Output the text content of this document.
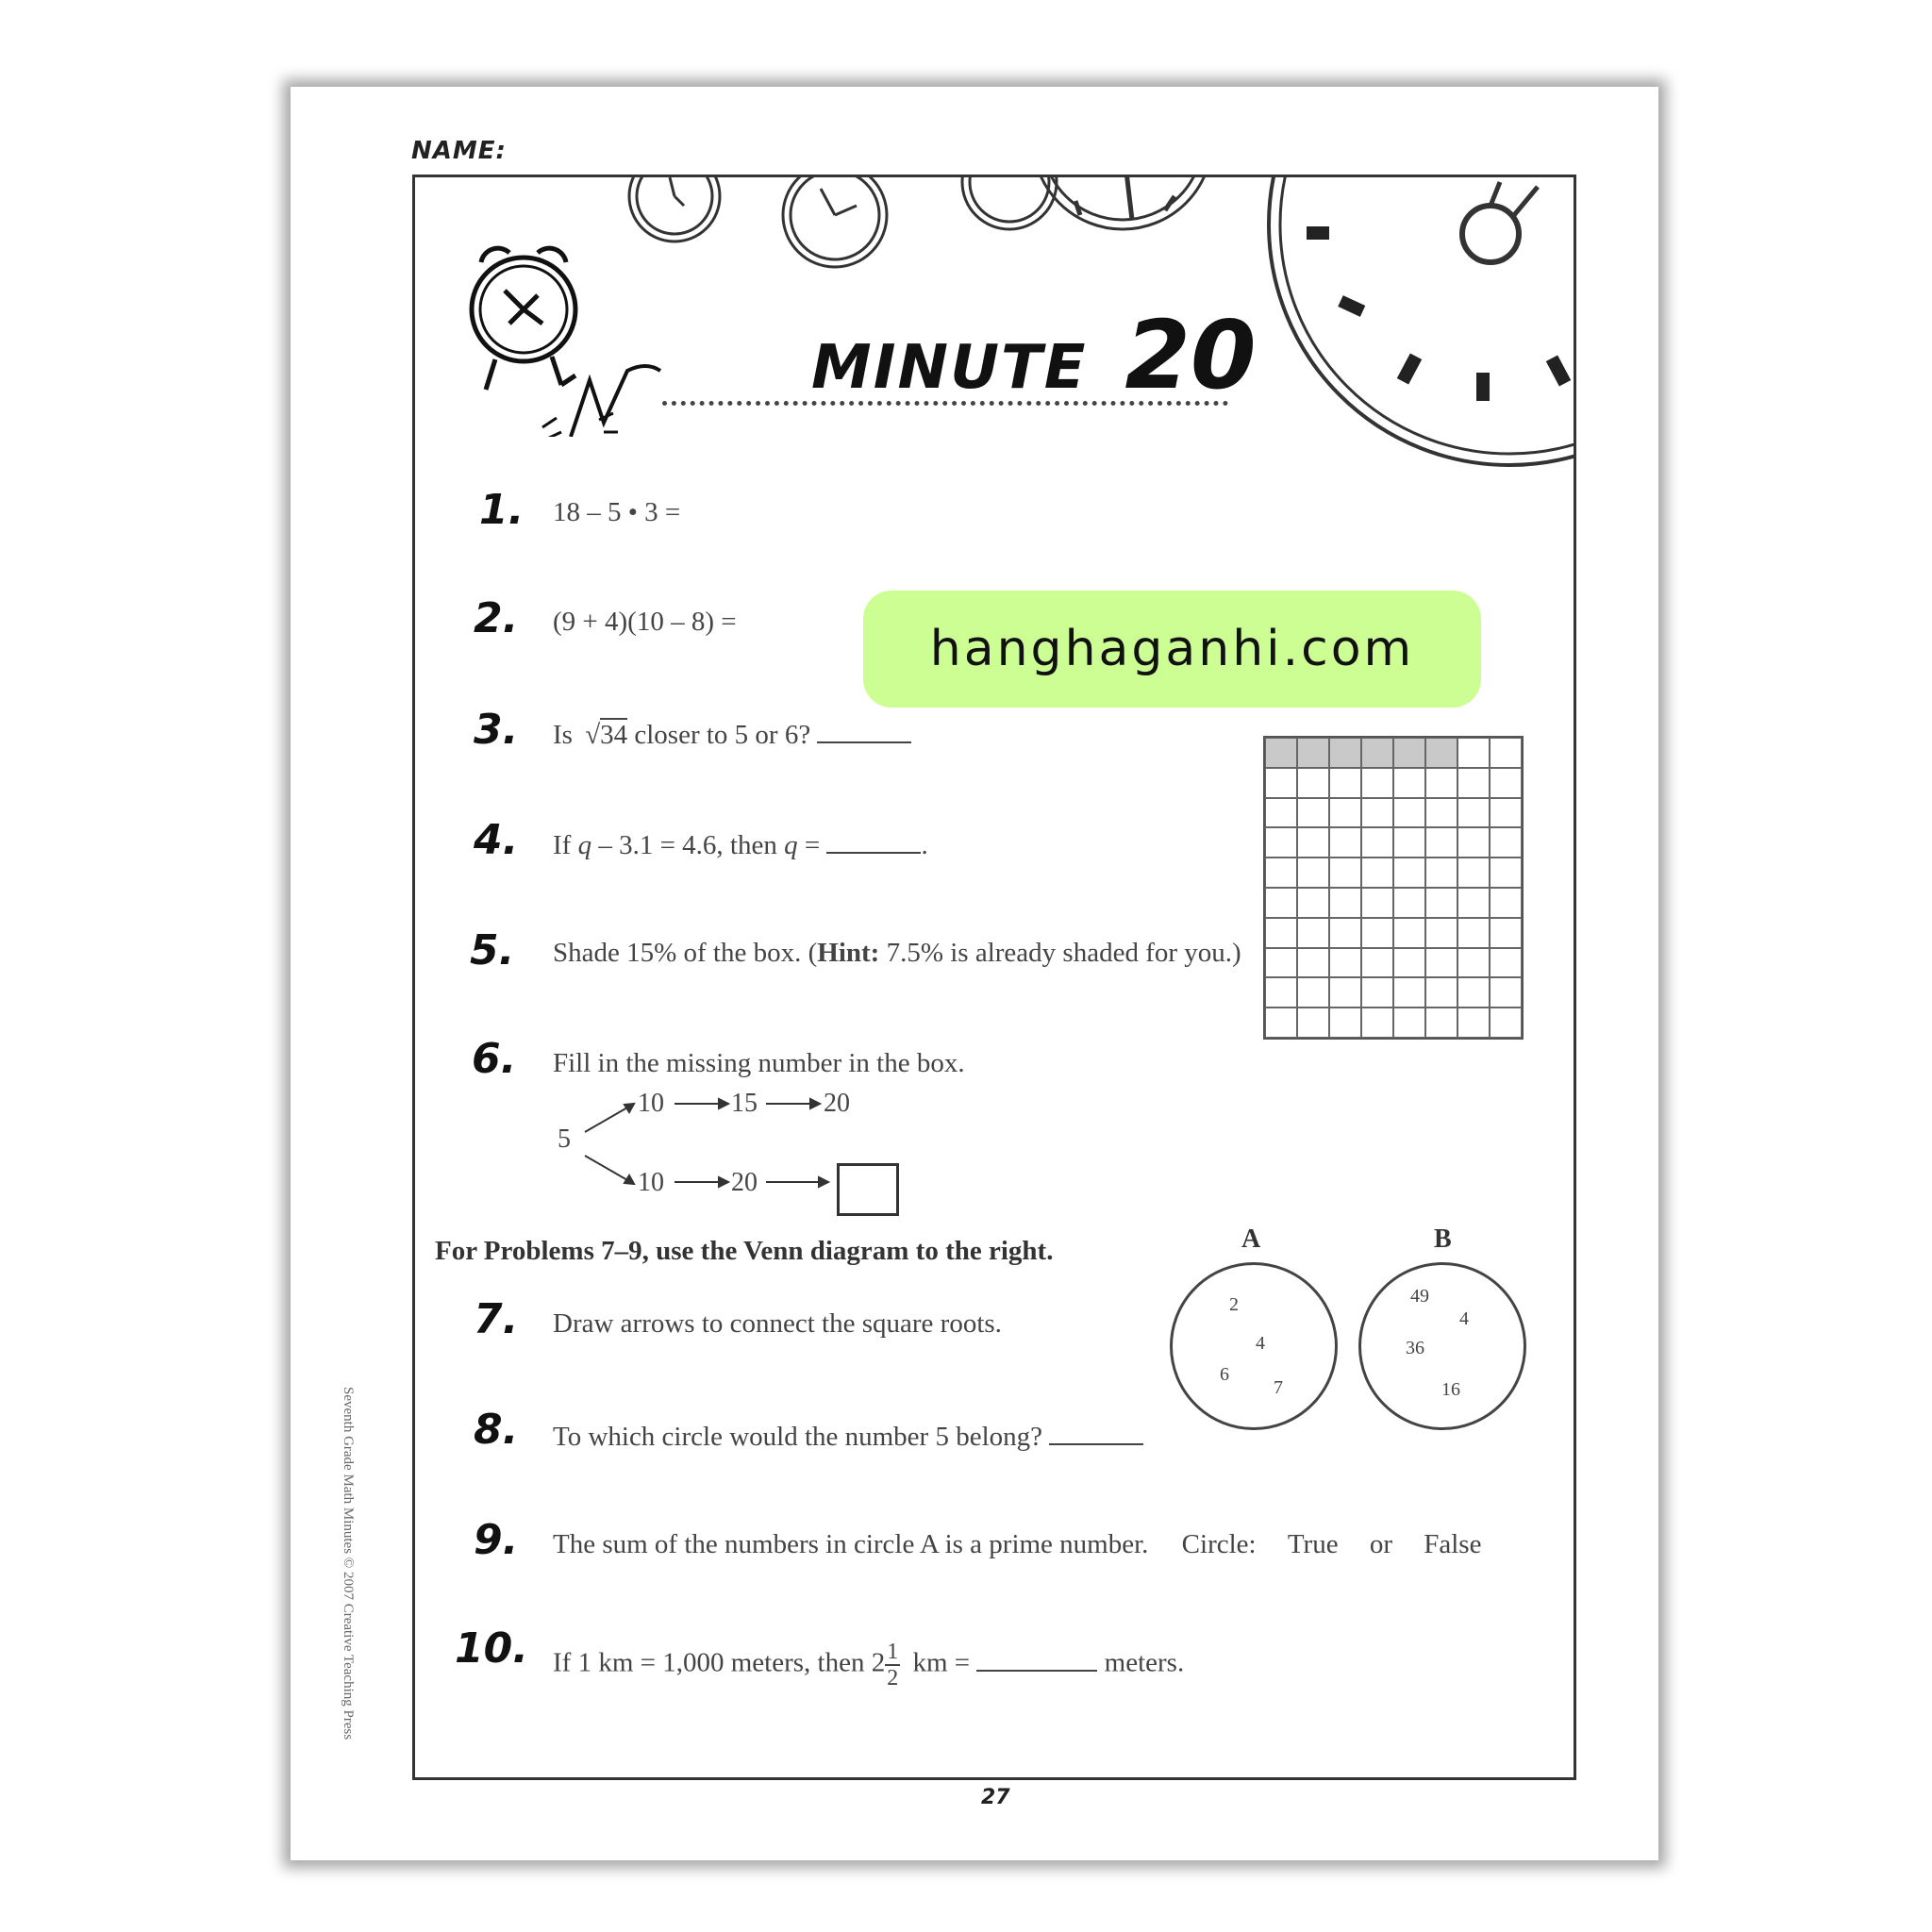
NAME:
Seventh Grade Math Minutes © 2007 Creative Teaching Press
MINUTE 20
1. 18 – 5 • 3 =
2. (9 + 4)(10 – 8) =
3. Is √34 closer to 5 or 6?
4. If q – 3.1 = 4.6, then q =	.
5. Shade 15% of the box. (Hint: 7.5% is already shaded for you.)
6. Fill in the missing number in the box.
5
10	15	20
10	20
For Problems 7–9, use the Venn diagram to the right.	A	B
2
4
6
7
49
4
36
16
7. Draw arrows to connect the square roots.
8. To which circle would the number 5 belong?
9. The sum of the numbers in circle A is a prime number. Circle: True or False
10. If 1 km = 1,000 meters, then $2 \frac{1}{2}$ km =	meters.
27
hanghaganhi.com
